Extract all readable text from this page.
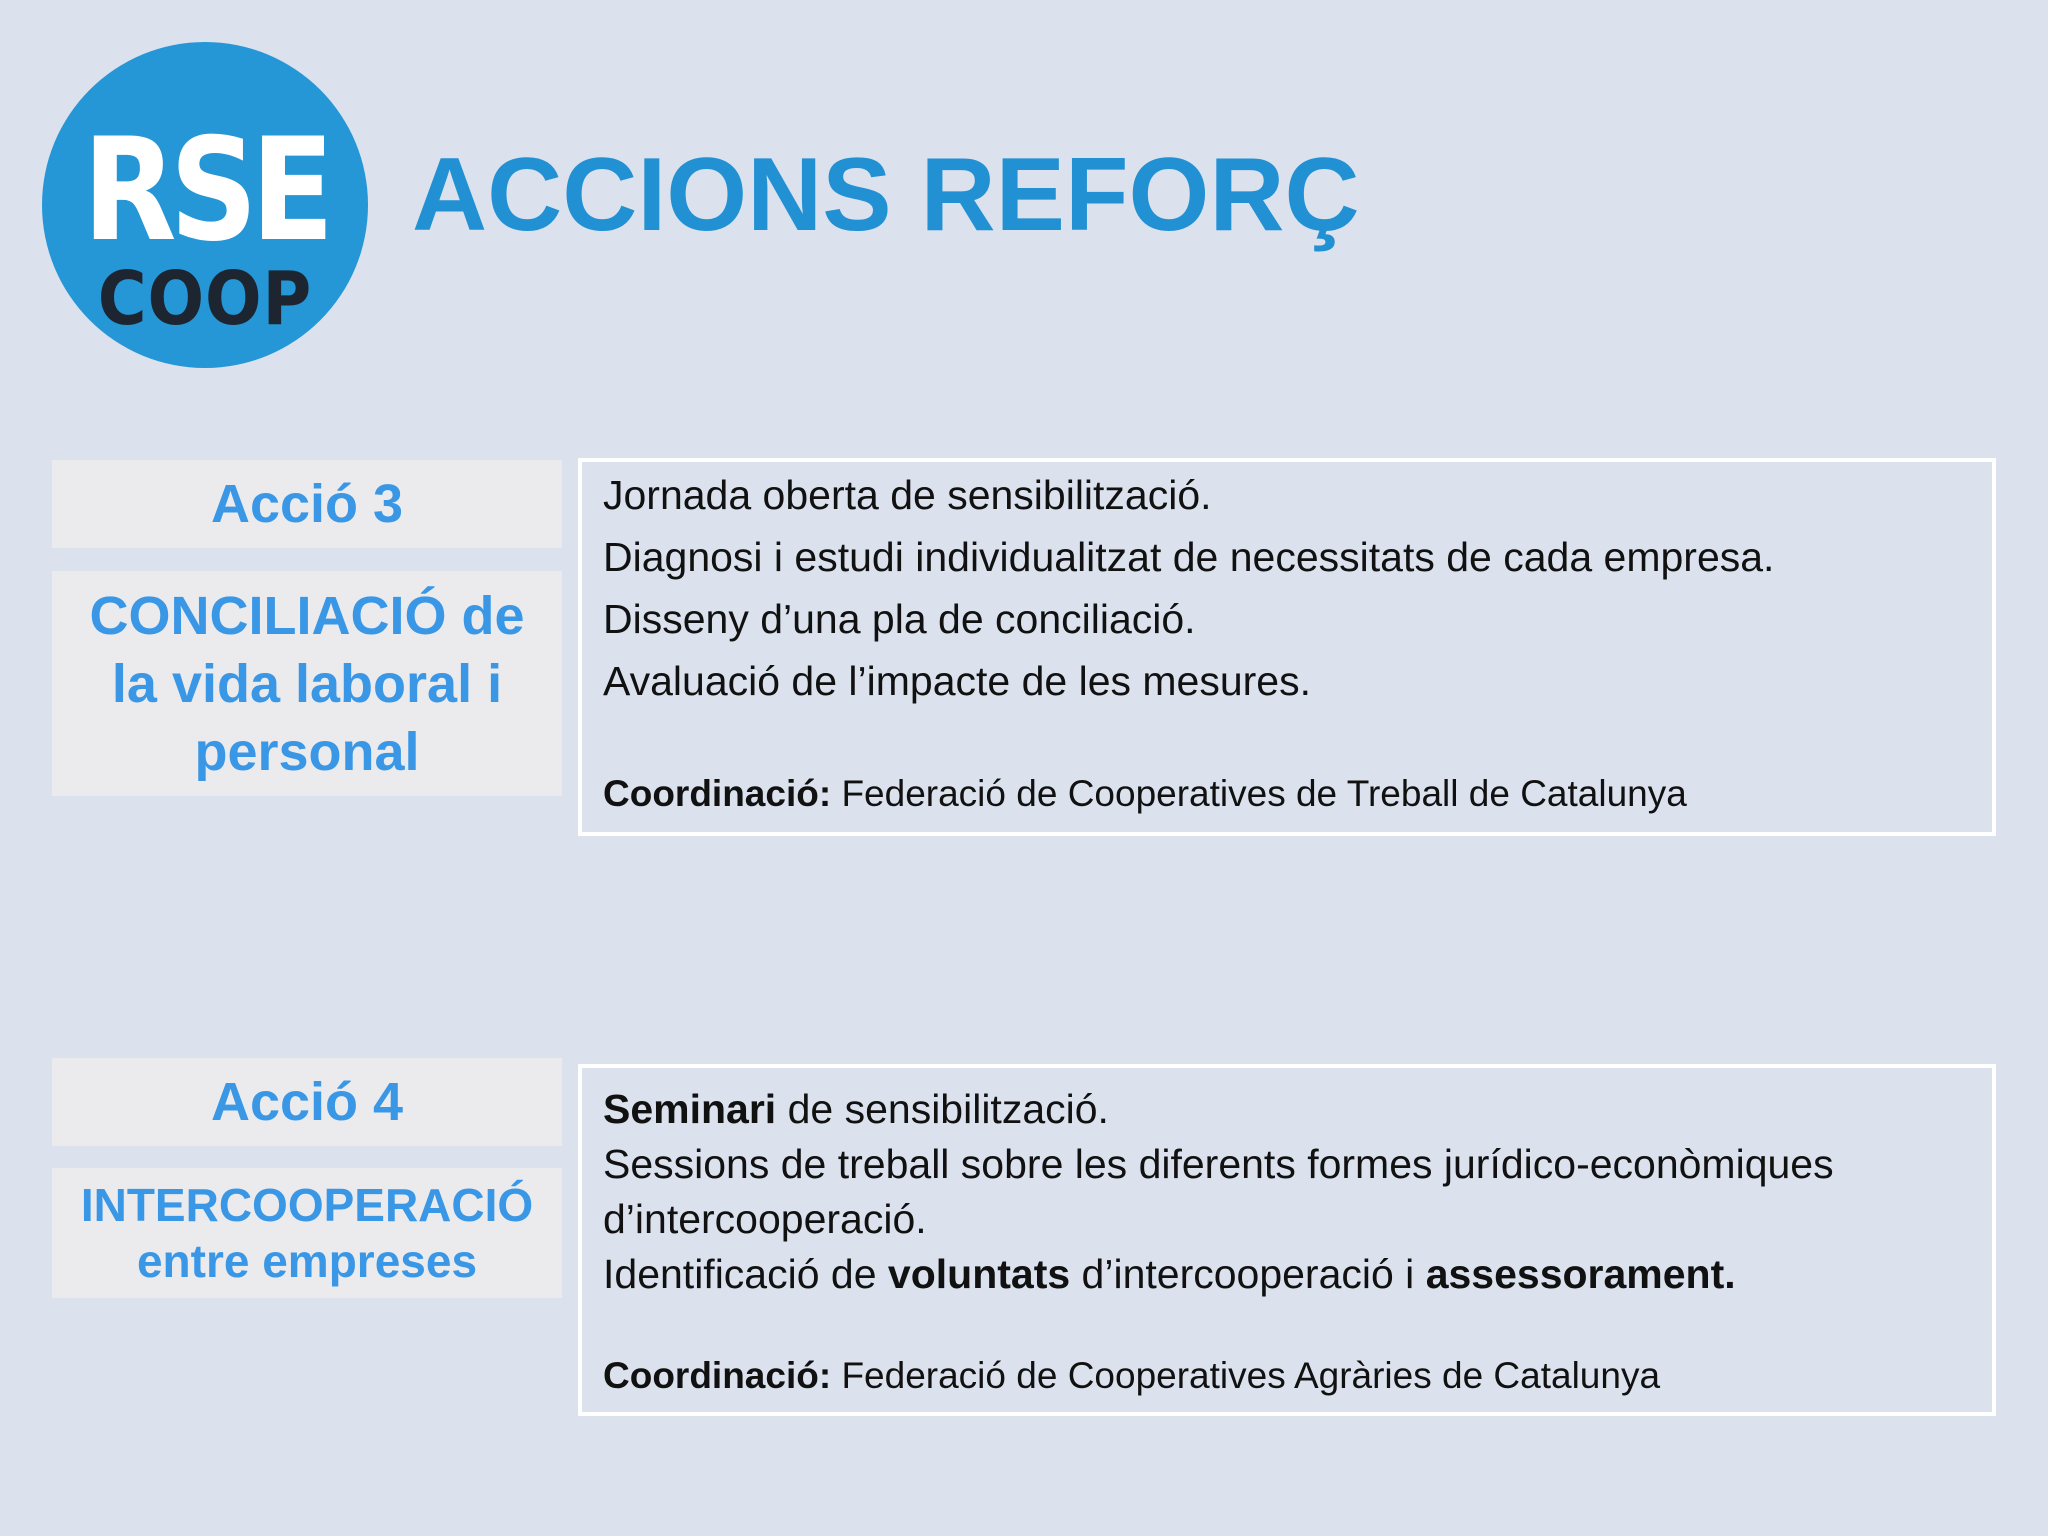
RSE
COOP
ACCIONS REFORÇ
Acció 3
CONCILIACIÓ de la vida laboral i personal
Jornada oberta de sensibilització.
Diagnosi i estudi individualitzat de necessitats de cada empresa.
Disseny d’una pla de conciliació.
Avaluació de l’impacte de les mesures.
Coordinació: Federació de Cooperatives de Treball de Catalunya
Acció 4
INTERCOOPERACIÓ entre empreses
Seminari de sensibilització.
Sessions de treball sobre les diferents formes jurídico-econòmiques
d’intercooperació.
Identificació de voluntats d’intercooperació i assessorament.
Coordinació: Federació de Cooperatives Agràries de Catalunya
